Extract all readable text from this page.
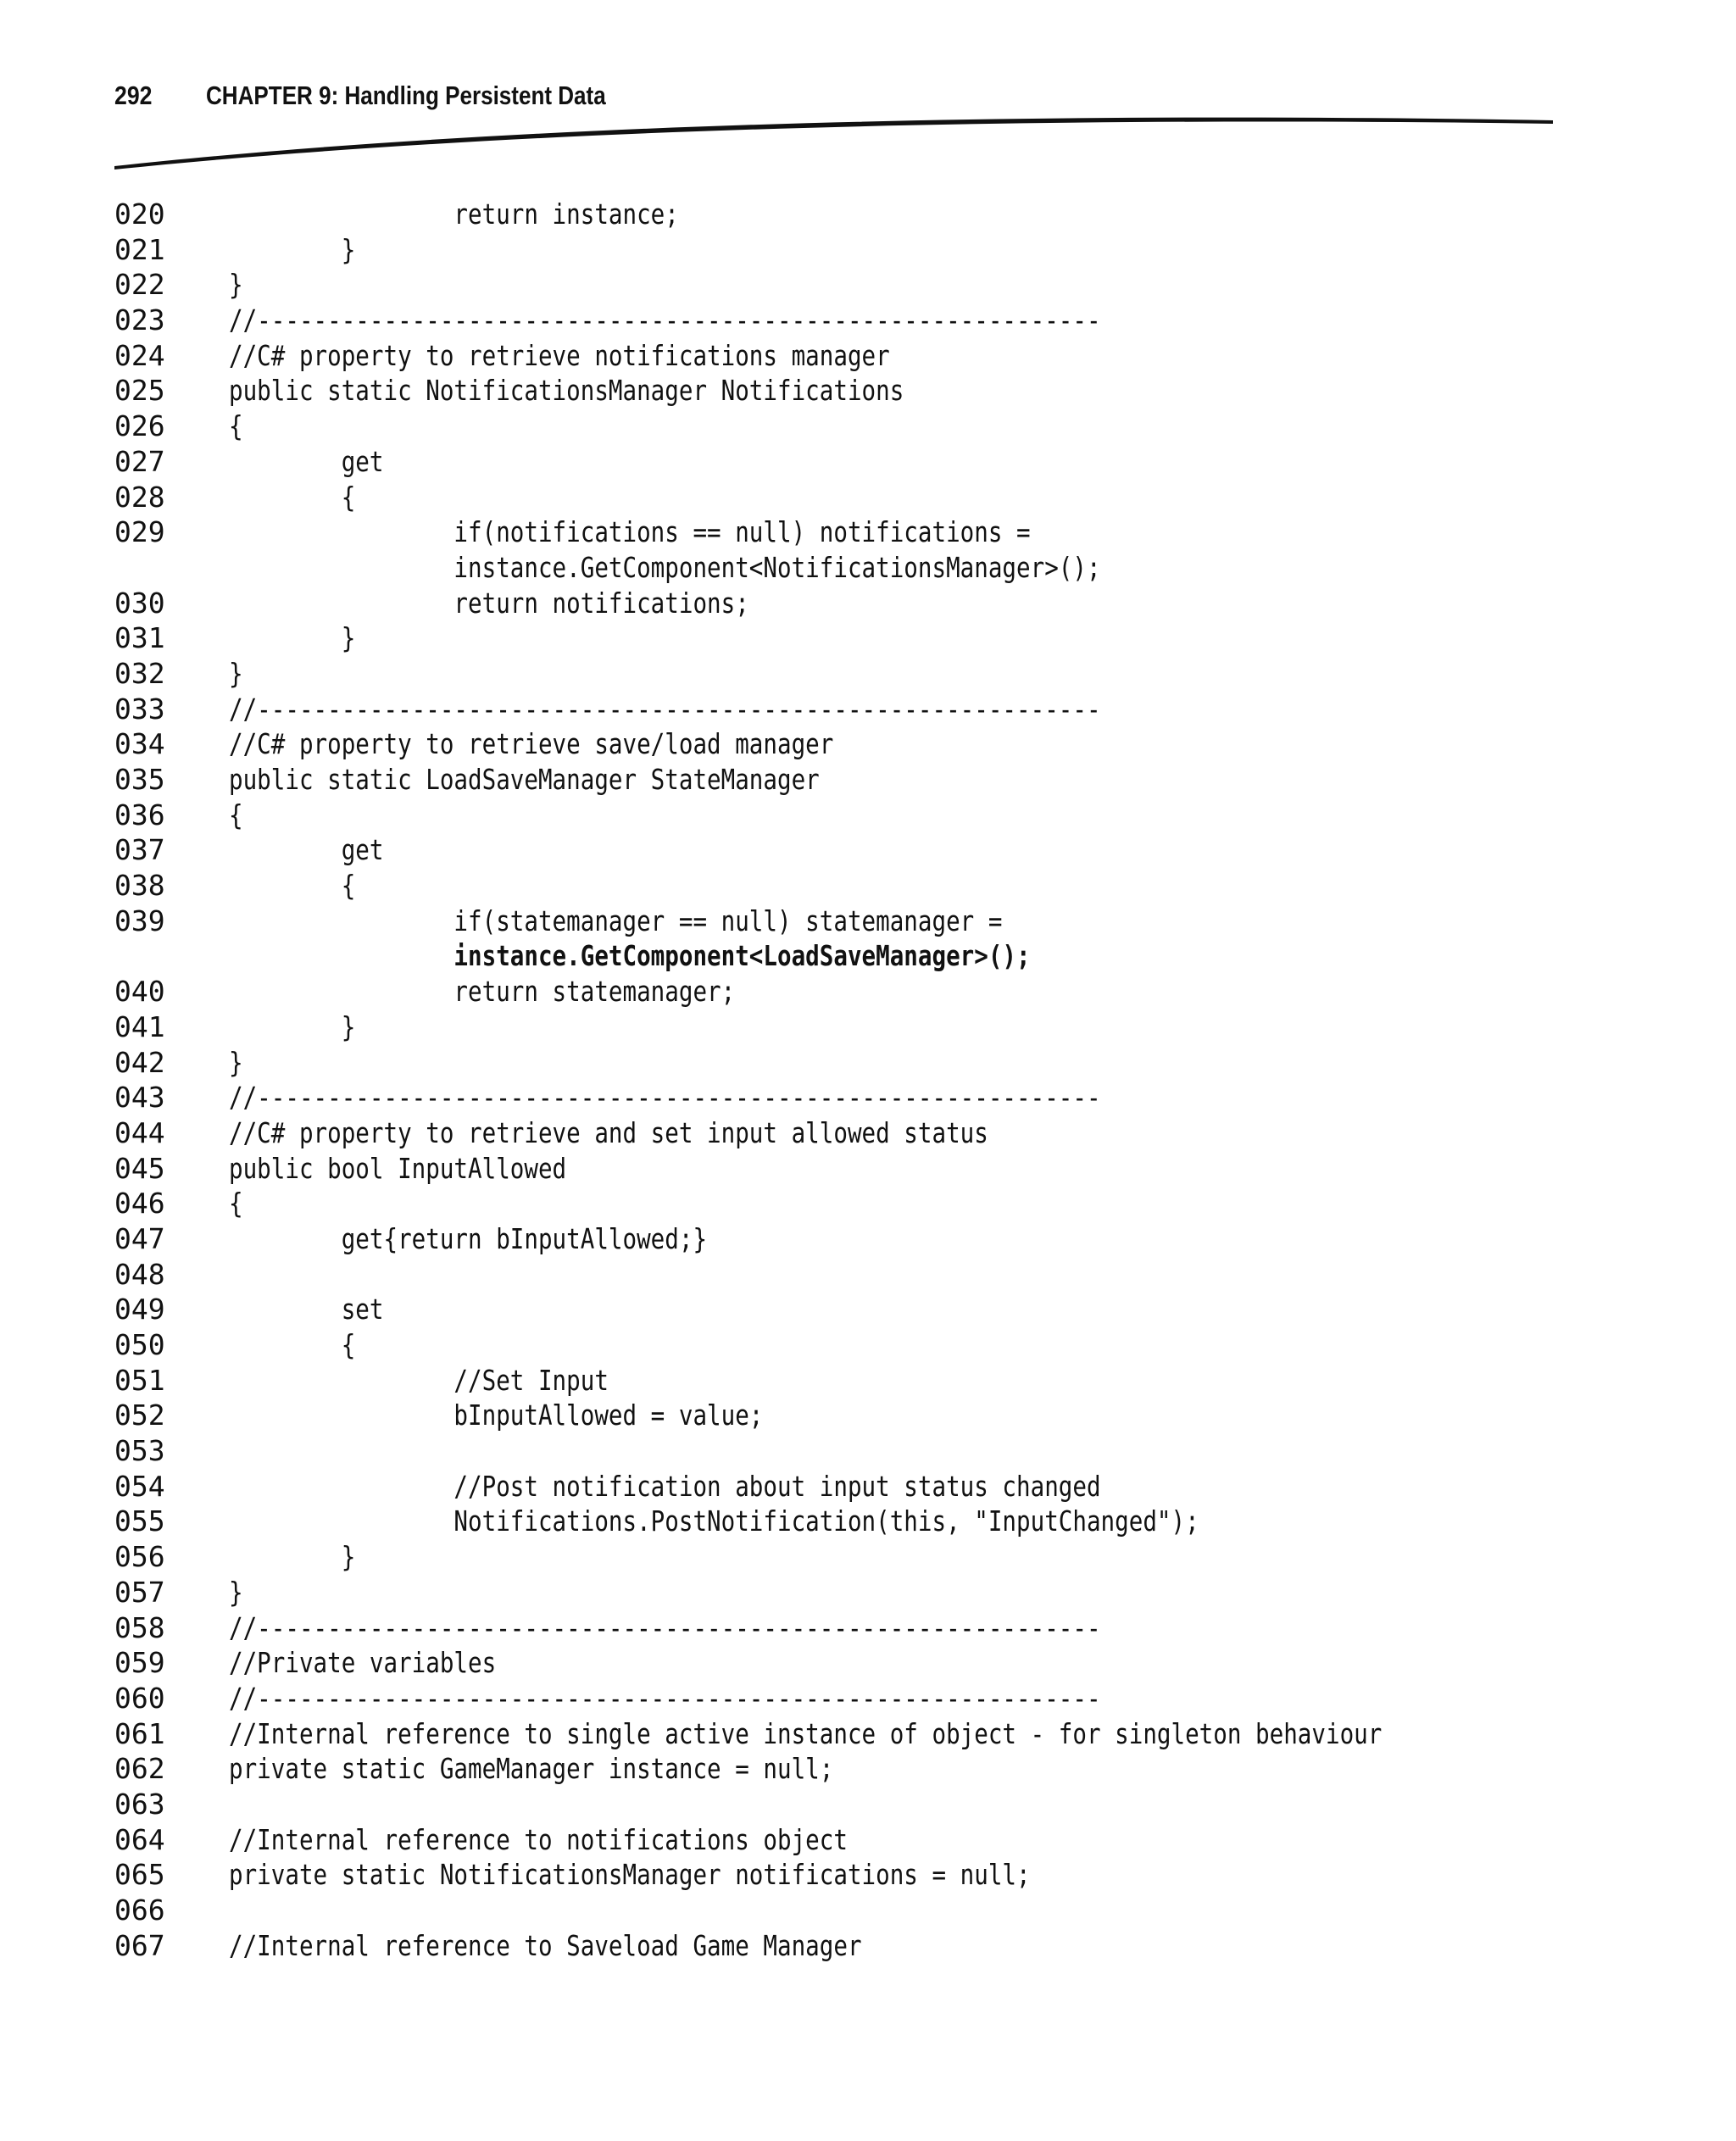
292 CHAPTER 9: Handling Persistent Data
020	return instance;
021	}
022	}
023	//------------------------------------------------------------
024	//C# property to retrieve notifications manager
025	public static NotificationsManager Notifications
026	{
027	get
028	{
029	if(notifications == null) notifications =
instance.GetComponent<NotificationsManager>();
030	return notifications;
031	}
032	}
033	//------------------------------------------------------------
034	//C# property to retrieve save/load manager
035	public static LoadSaveManager StateManager
036	{
037	get
038	{
039	if(statemanager == null) statemanager =
instance.GetComponent<LoadSaveManager>();
040	return statemanager;
041	}
042	}
043	//------------------------------------------------------------
044	//C# property to retrieve and set input allowed status
045	public bool InputAllowed
046	{
047	get{return bInputAllowed;}
048
049	set
050	{
051	//Set Input
052	bInputAllowed = value;
053
054	//Post notification about input status changed
055	Notifications.PostNotification(this, "InputChanged");
056	}
057	}
058	//------------------------------------------------------------
059	//Private variables
060	//------------------------------------------------------------
061	//Internal reference to single active instance of object - for singleton behaviour
062	private static GameManager instance = null;
063
064	//Internal reference to notifications object
065	private static NotificationsManager notifications = null;
066
067	//Internal reference to Saveload Game Manager
